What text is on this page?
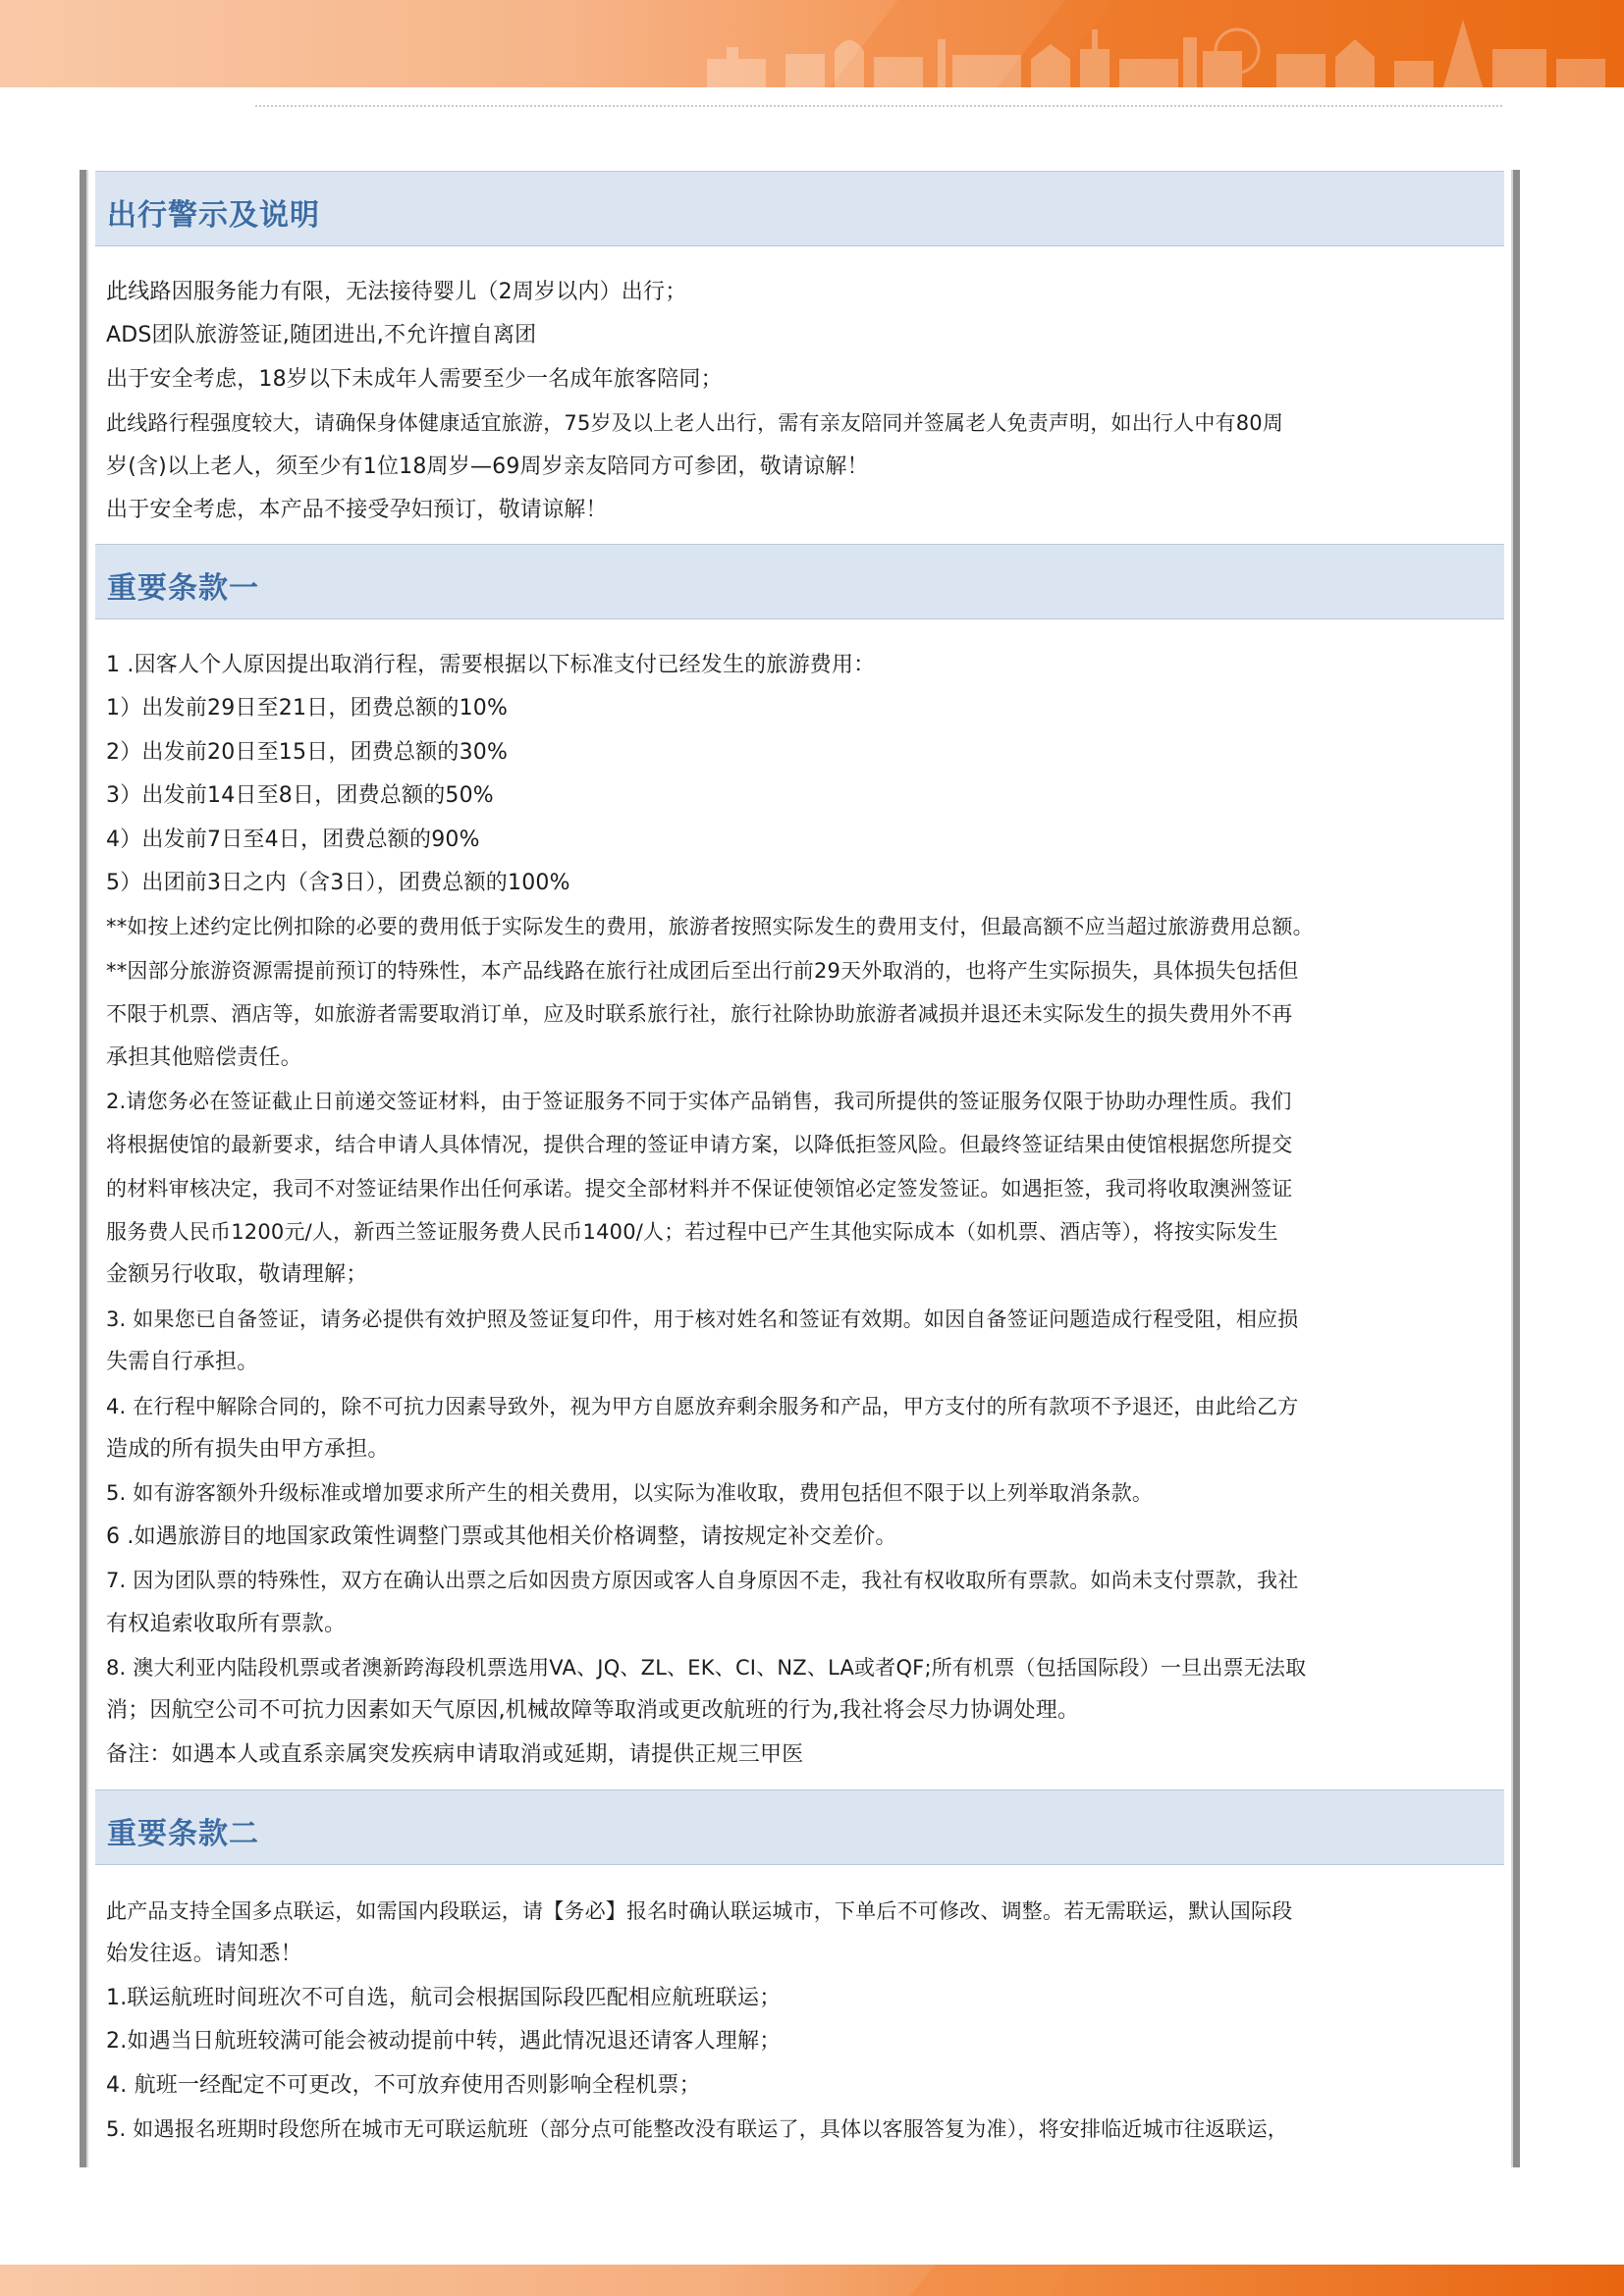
出行警示及说明
此线路因服务能力有限，无法接待婴儿（2周岁以内）出行；
ADS团队旅游签证,随团进出,不允许擅自离团
出于安全考虑，18岁以下未成年人需要至少一名成年旅客陪同；
此线路行程强度较大，请确保身体健康适宜旅游，75岁及以上老人出行，需有亲友陪同并签属老人免责声明，如出行人中有80周
岁(含)以上老人，须至少有1位18周岁—69周岁亲友陪同方可参团，敬请谅解！
出于安全考虑，本产品不接受孕妇预订，敬请谅解！
重要条款一
1 .因客人个人原因提出取消行程，需要根据以下标准支付已经发生的旅游费用：
1）出发前29日至21日，团费总额的10%
2）出发前20日至15日，团费总额的30%
3）出发前14日至8日，团费总额的50%
4）出发前7日至4日，团费总额的90%
5）出团前3日之内（含3日），团费总额的100%
**如按上述约定比例扣除的必要的费用低于实际发生的费用，旅游者按照实际发生的费用支付，但最高额不应当超过旅游费用总额。
**因部分旅游资源需提前预订的特殊性，本产品线路在旅行社成团后至出行前29天外取消的，也将产生实际损失，具体损失包括但
不限于机票、酒店等，如旅游者需要取消订单，应及时联系旅行社，旅行社除协助旅游者减损并退还未实际发生的损失费用外不再
承担其他赔偿责任。
2.请您务必在签证截止日前递交签证材料，由于签证服务不同于实体产品销售，我司所提供的签证服务仅限于协助办理性质。我们
将根据使馆的最新要求，结合申请人具体情况，提供合理的签证申请方案，以降低拒签风险。但最终签证结果由使馆根据您所提交
的材料审核决定，我司不对签证结果作出任何承诺。提交全部材料并不保证使领馆必定签发签证。如遇拒签，我司将收取澳洲签证
服务费人民币1200元/人，新西兰签证服务费人民币1400/人；若过程中已产生其他实际成本（如机票、酒店等），将按实际发生
金额另行收取，敬请理解；
3. 如果您已自备签证，请务必提供有效护照及签证复印件，用于核对姓名和签证有效期。如因自备签证问题造成行程受阻，相应损
失需自行承担。
4. 在行程中解除合同的，除不可抗力因素导致外，视为甲方自愿放弃剩余服务和产品，甲方支付的所有款项不予退还，由此给乙方
造成的所有损失由甲方承担。
5. 如有游客额外升级标准或增加要求所产生的相关费用，以实际为准收取，费用包括但不限于以上列举取消条款。
6 .如遇旅游目的地国家政策性调整门票或其他相关价格调整，请按规定补交差价。
7. 因为团队票的特殊性，双方在确认出票之后如因贵方原因或客人自身原因不走，我社有权收取所有票款。如尚未支付票款，我社
有权追索收取所有票款。
8. 澳大利亚内陆段机票或者澳新跨海段机票选用VA、JQ、ZL、EK、CI、NZ、LA或者QF;所有机票（包括国际段）一旦出票无法取
消；因航空公司不可抗力因素如天气原因,机械故障等取消或更改航班的行为,我社将会尽力协调处理。
备注：如遇本人或直系亲属突发疾病申请取消或延期，请提供正规三甲医
重要条款二
此产品支持全国多点联运，如需国内段联运，请【务必】报名时确认联运城市，下单后不可修改、调整。若无需联运，默认国际段
始发往返。请知悉！
1.联运航班时间班次不可自选，航司会根据国际段匹配相应航班联运；
2.如遇当日航班较满可能会被动提前中转，遇此情况退还请客人理解；
4. 航班一经配定不可更改，不可放弃使用否则影响全程机票；
5. 如遇报名班期时段您所在城市无可联运航班（部分点可能整改没有联运了，具体以客服答复为准），将安排临近城市往返联运，
